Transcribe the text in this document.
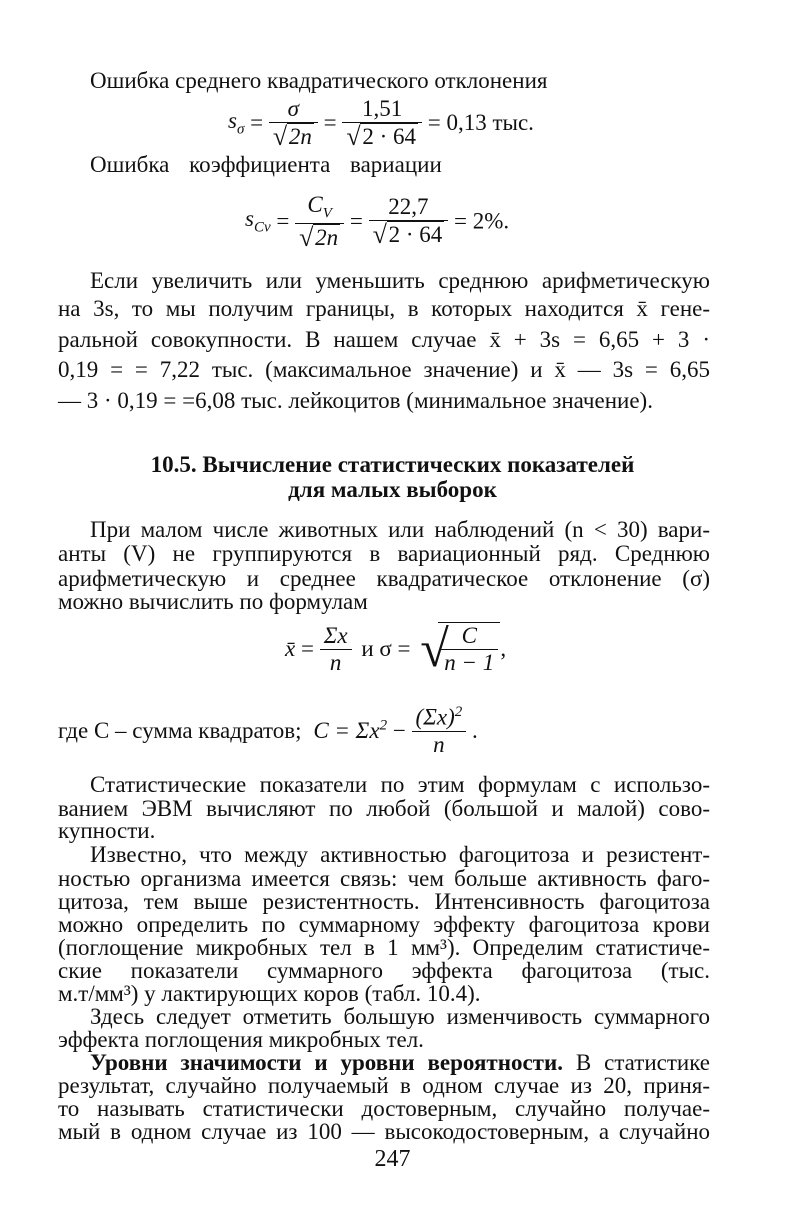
Ошибка среднего квадратического отклонения
$s_\sigma = \frac{\sigma}{√ 2n} = \frac{1,51}{√ 2 \cdot 64} = 0,13$ тыс.
Ошибка коэффициента вариации
$s_{Cv} = \frac{C_V}{√ 2n} = \frac{22,7}{√ 2 \cdot 64} = 2\%$.
Если увеличить или уменьшить среднюю арифметическую
на 3s, то мы получим границы, в которых находится x̄ гене-
ральной совокупности. В нашем случае x̄ + 3s = 6,65 + 3 ·
0,19 = = 7,22 тыс. (максимальное значение) и x̄ — 3s = 6,65
— 3 · 0,19 = =6,08 тыс. лейкоцитов (минимальное значение).
10.5. Вычисление статистических показателей
для малых выборок
При малом числе животных или наблюдений (n < 30) вари-
анты (V) не группируются в вариационный ряд. Среднюю
арифметическую и среднее квадратическое отклонение (σ)
можно вычислить по формулам
x̄ = $\frac{\Sigma x}{n}$ и σ = √
$\frac{C}{n - 1}$ ,
где C – сумма квадратов; $C = \Sigma x^2 - \frac{(\Sigma x)^2}{n}$ .
Статистические показатели по этим формулам с использо-
ванием ЭВМ вычисляют по любой (большой и малой) сово-
купности.
Известно, что между активностью фагоцитоза и резистент-
ностью организма имеется связь: чем больше активность фаго-
цитоза, тем выше резистентность. Интенсивность фагоцитоза
можно определить по суммарному эффекту фагоцитоза крови
(поглощение микробных тел в 1 мм³). Определим статистиче-
ские показатели суммарного эффекта фагоцитоза (тыс.
м.т/мм³) у лактирующих коров (табл. 10.4).
Здесь следует отметить большую изменчивость суммарного
эффекта поглощения микробных тел.
Уровни значимости и уровни вероятности. В статистике
результат, случайно получаемый в одном случае из 20, приня-
то называть статистически достоверным, случайно получае-
мый в одном случае из 100 — высокодостоверным, а случайно
247
